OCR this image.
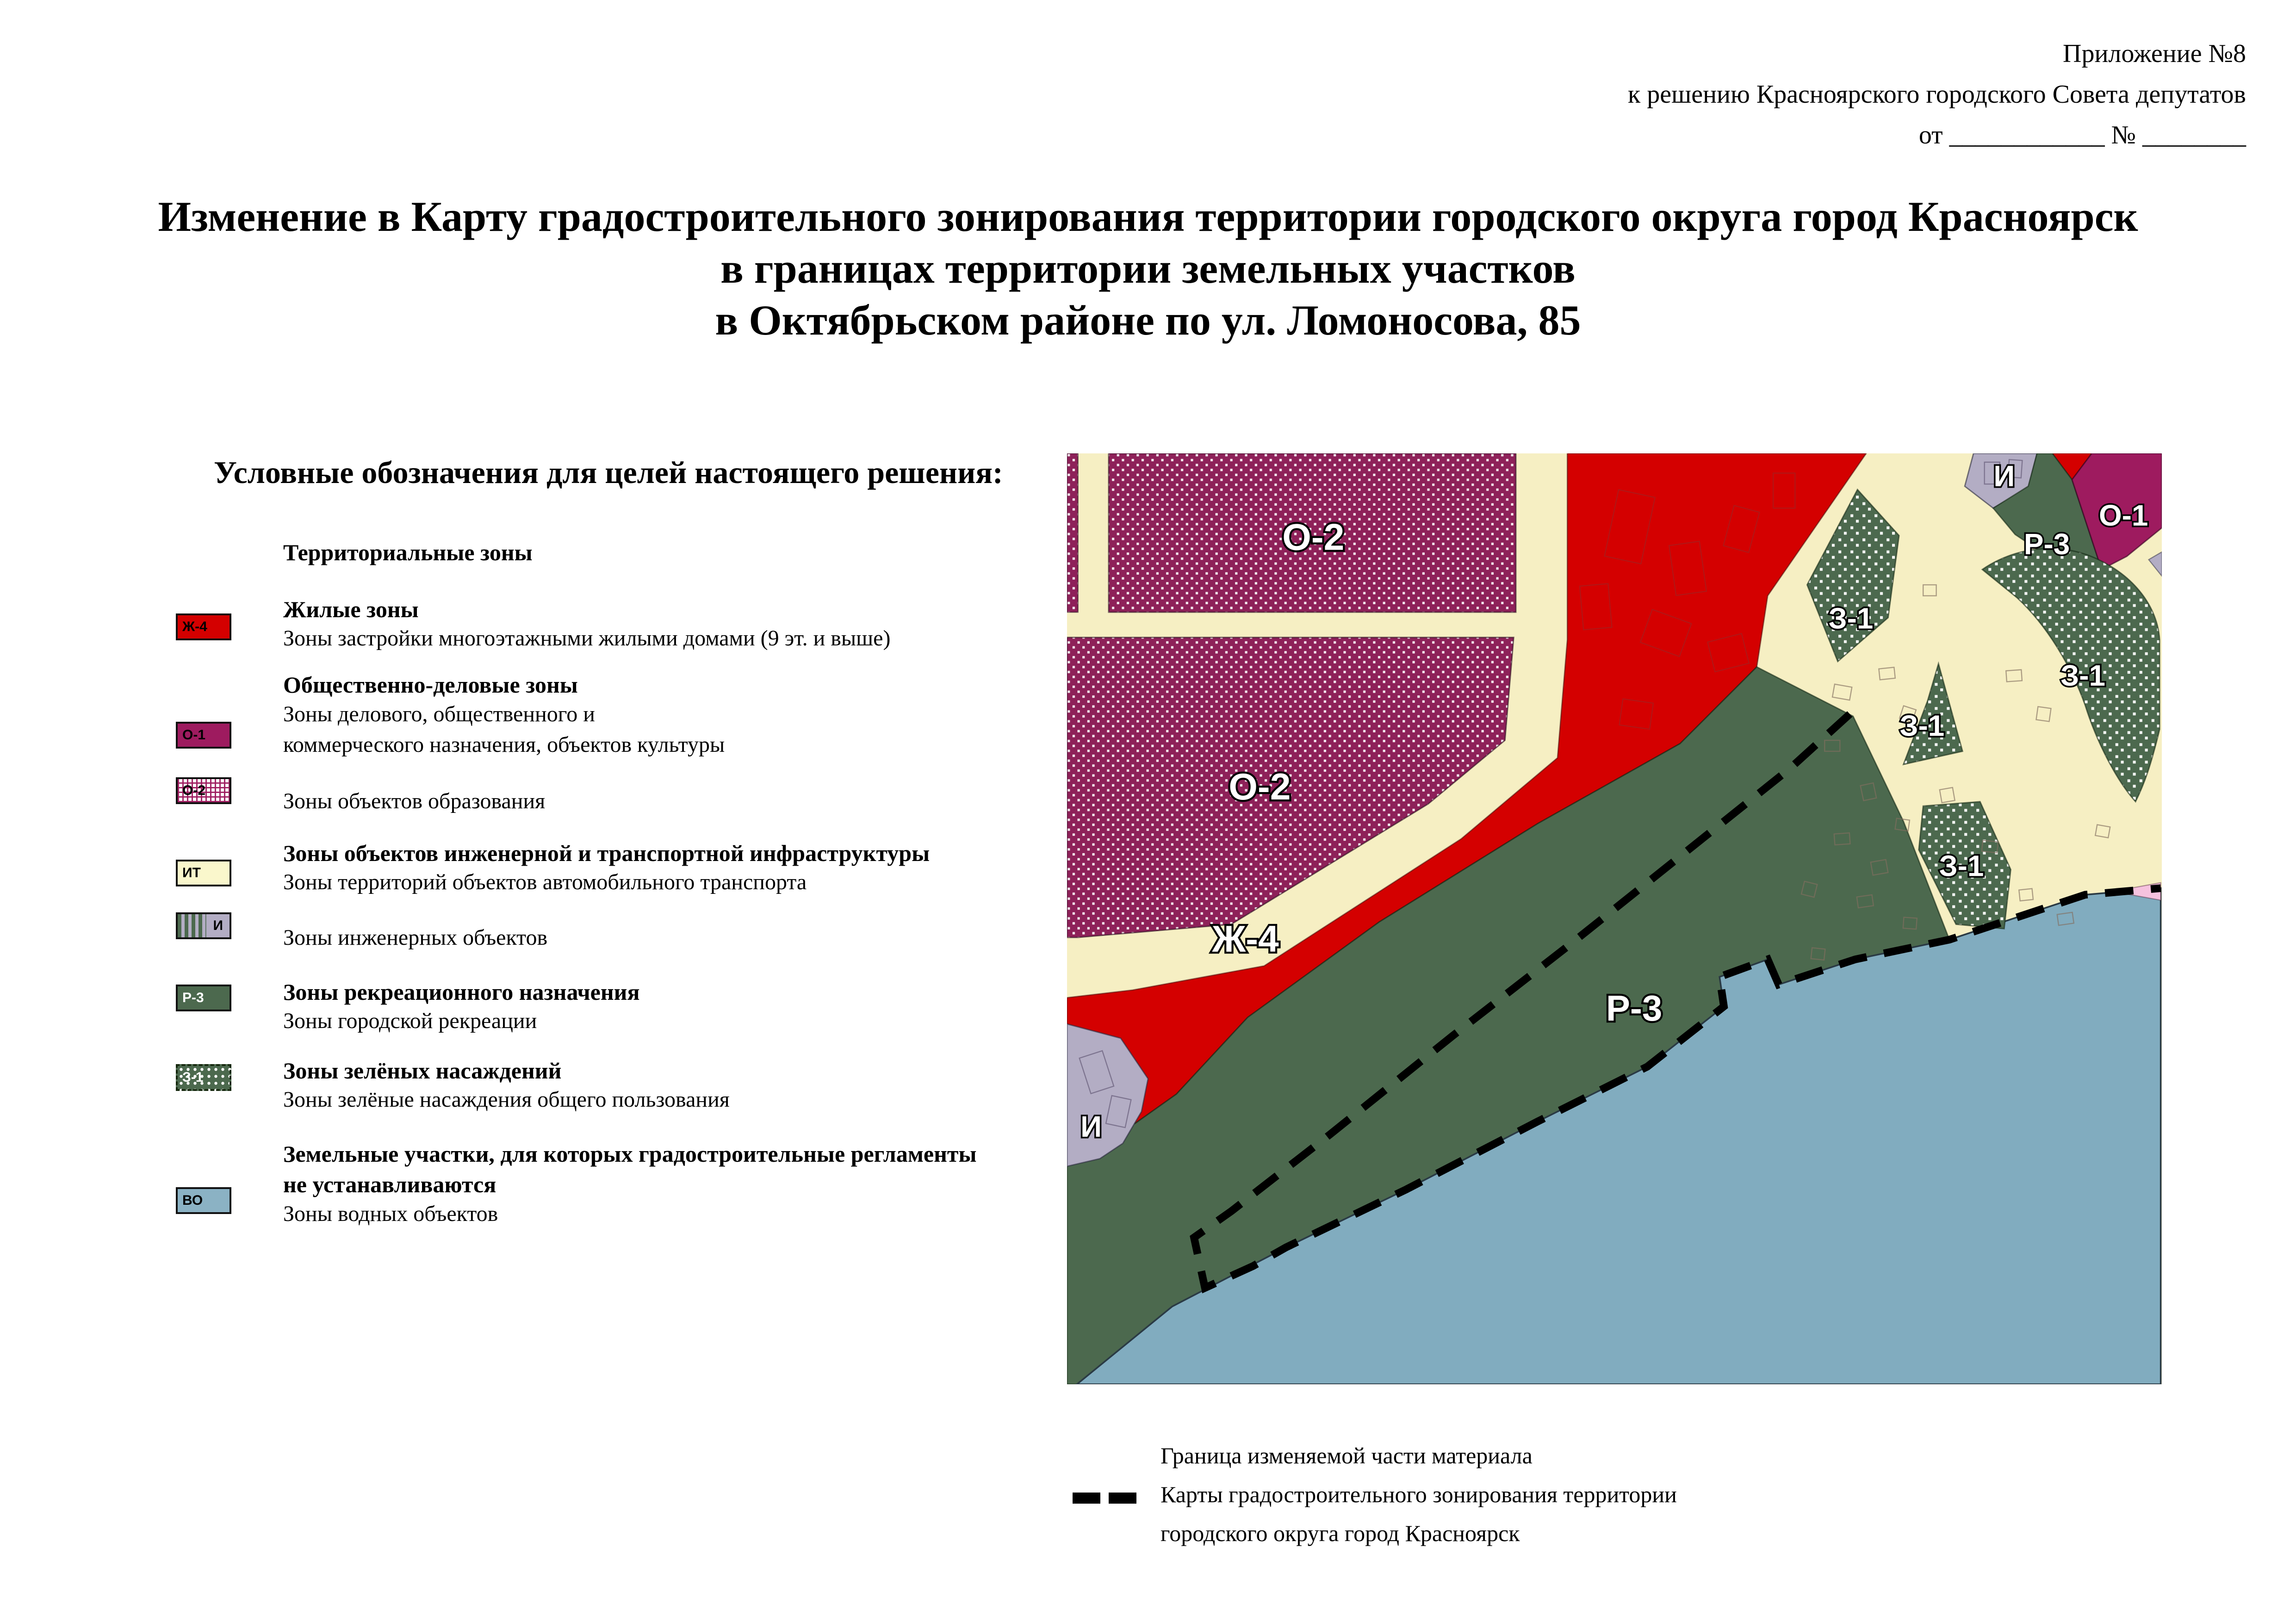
Приложение №8
к решению Красноярского городского Совета депутатов
от ____________ № ________
Изменение в Карту градостроительного зонирования территории городского округа город Красноярск
в границах территории земельных участков
в Октябрьском районе по ул. Ломоносова, 85
Условные обозначения для целей настоящего решения:
Территориальные зоны
Жилые зоны
Зоны застройки многоэтажными жилыми домами (9 эт. и выше)
Ж-4
Общественно-деловые зоны
Зоны делового, общественного и
коммерческого назначения, объектов культуры
О-1
Зоны объектов образования
О-2
Зоны объектов инженерной и транспортной инфраструктуры
Зоны территорий объектов автомобильного транспорта
ИТ
Зоны инженерных объектов
И
Зоны рекреационного назначения
Зоны городской рекреации
Р-3
Зоны зелёных насаждений
Зоны зелёные насаждения общего пользования
З-1
Земельные участки, для которых градостроительные регламенты
не устанавливаются
Зоны водных объектов
ВО
О-2
О-2
Ж-4
Р-3
З-1
З-1
З-1
З-1
Р-3
О-1
И
И
Граница изменяемой части материала
Карты градостроительного зонирования территории
городского округа город Красноярск
